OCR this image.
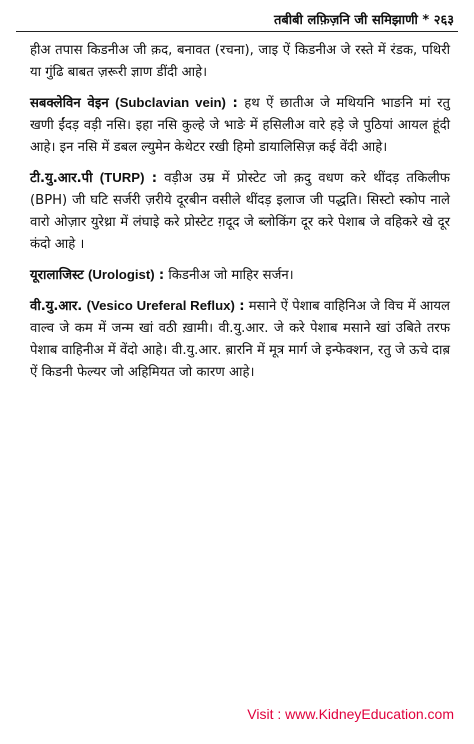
तबीबी लफ़िज़नि जी समिझाणी * २६३

हीअ तपास किडनीअ जी क़द, बनावत (रचना), जाइ ऐं किडनीअ जे रस्ते में रंडक, पथिरी या गुंढि बाबत ज़रूरी ज्ञाण डींदी आहे।

सबक्लेविन वेइन (Subclavian vein) : हथ ऐं छातीअ जे मथियनि भाङनि मां रतु खणी ईंदड़ वड़ी नसि। इहा नसि कुल्हे जे भाङे में हसिलीअ वारे हड़े जे पुठियां आयल हूंदी आहे। इन नसि में डबल ल्युमेन केथेटर रखी हिमो डायालिसिज़ कई वेंदी आहे।

टी.यु.आर.पी (TURP) : वड़ीअ उम्र में प्रोस्टेट जो क़दु वधण करे थींदड़ तकिलीफ (BPH) जी घटि सर्जरी ज़रीये दूरबीन वसीले थींदड़ इलाज जी पद्धति। सिस्टो स्कोप नाले वारो ओज़ार युरेथ्रा में लंघाइे करे प्रोस्टेट ग़दूद जे ब्लोकिंग दूर करे पेशाब जे वहिकरे खे दूर कंदो आहे ।

यूरालाजिस्ट (Urologist) : किडनीअ जो माहिर सर्जन।

वी.यु.आर. (Vesico Ureferal Reflux) : मसाने ऐं पेशाब वाहिनिअ जे विच में आयल वाल्व जे कम में जन्म खां वठी ख़ामी। वी.यु.आर. जे करे पेशाब मसाने खां उबिते तरफ पेशाब वाहिनीअ में वेंदो आहे। वी.यु.आर. ब़ारनि में मूत्र मार्ग जे इन्फेक्शन, रतु जे ऊचे दाब़ ऐं किडनी फेल्यर जो अहिमियत जो कारण आहे।

Visit : www.KidneyEducation.com
